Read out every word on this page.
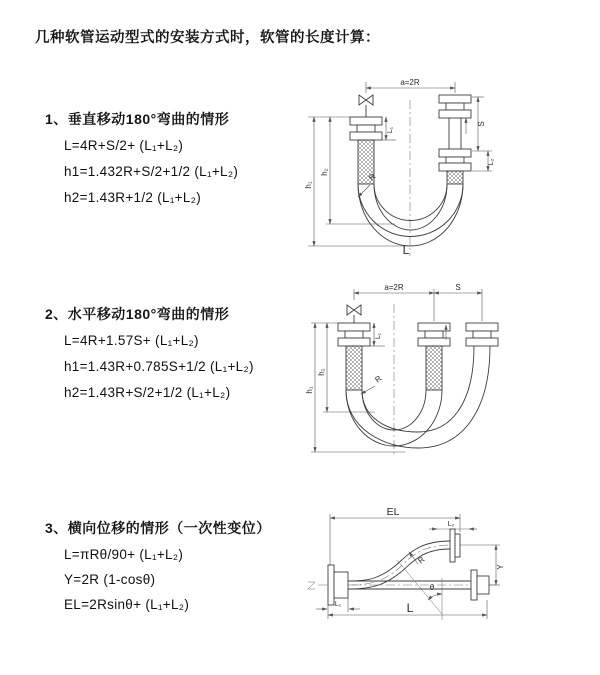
几种软管运动型式的安装方式时，软管的长度计算：
1、垂直移动180°弯曲的情形
L=4R+S/2+ (L₁+L₂)
h1=1.432R+S/2+1/2 (L₁+L₂)
h2=1.43R+1/2 (L₁+L₂)
2、水平移动180°弯曲的情形
L=4R+1.57S+ (L₁+L₂)
h1=1.43R+0.785S+1/2 (L₁+L₂)
h2=1.43R+S/2+1/2 (L₁+L₂)
3、横向位移的情形（一次性变位）
L=πRθ/90+ (L₁+L₂)
Y=2R (1-cosθ)
EL=2Rsinθ+ (L₁+L₂)
a=2R
S
L₂
h₁
h₂
L₁
R
L
a=2R	S
h₁
h₂
L₁
R
EL
L₂
Y
θ
R
L
L₁
